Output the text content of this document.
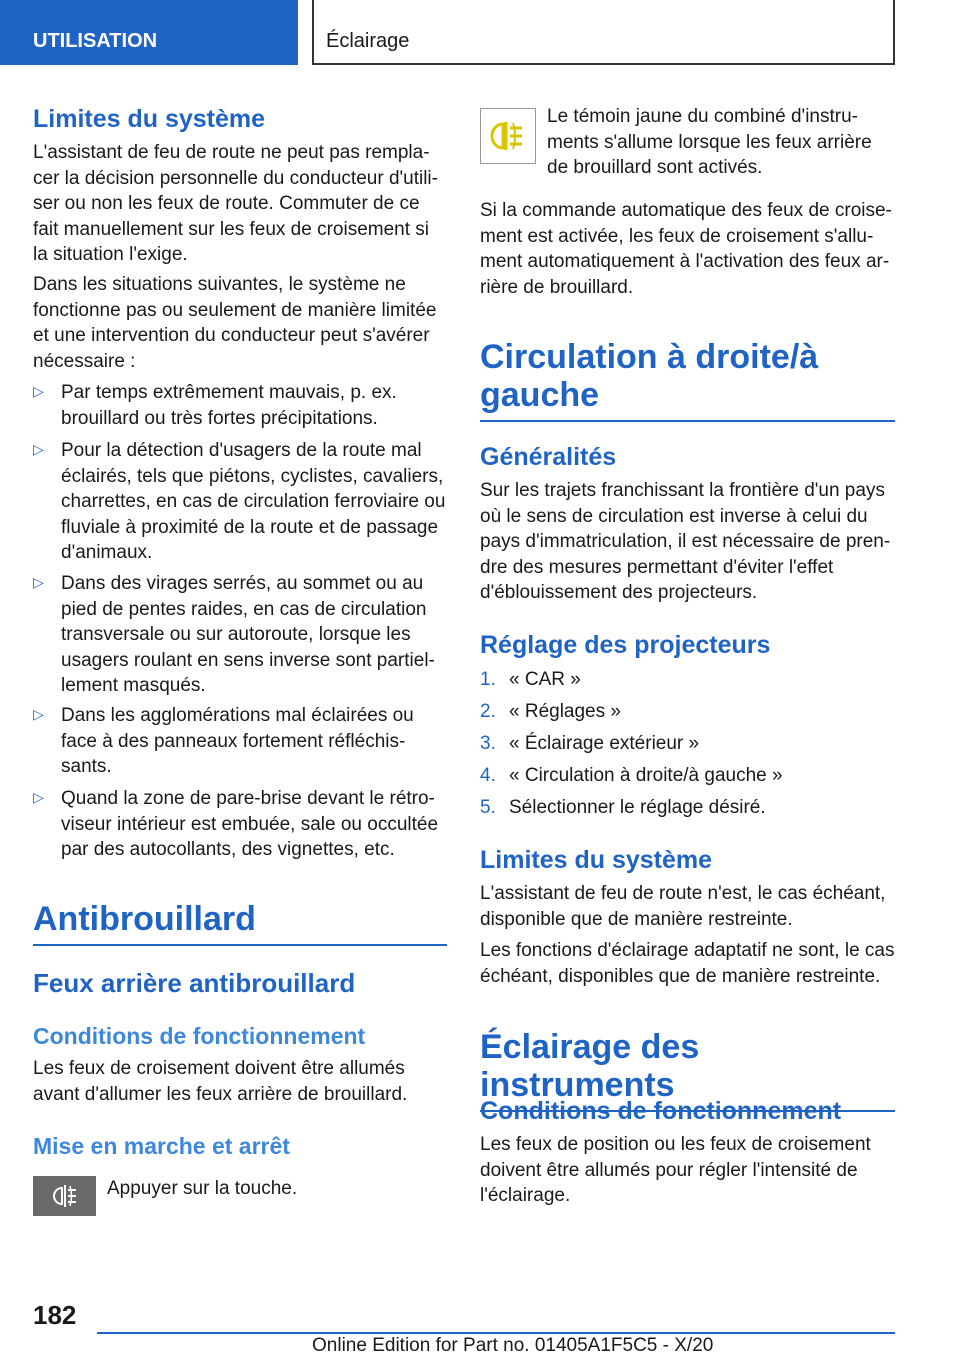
UTILISATION	Éclairage
Limites du système

L'assistant de feu de route ne peut pas rempla-cer la décision personnelle du conducteur d'utili-ser ou non les feux de route. Commuter de ce fait manuellement sur les feux de croisement si la situation l'exige.

Dans les situations suivantes, le système ne fonctionne pas ou seulement de manière limitée et une intervention du conducteur peut s'avérer nécessaire :

▷ Par temps extrêmement mauvais, p. ex. brouillard ou très fortes précipitations.

▷ Pour la détection d'usagers de la route mal éclairés, tels que piétons, cyclistes, cavaliers, charrettes, en cas de circulation ferroviaire ou fluviale à proximité de la route et de passage d'animaux.

▷ Dans des virages serrés, au sommet ou au pied de pentes raides, en cas de circulation transversale ou sur autoroute, lorsque les usagers roulant en sens inverse sont partiel-lement masqués.

▷ Dans les agglomérations mal éclairées ou face à des panneaux fortement réfléchis-sants.

▷ Quand la zone de pare-brise devant le rétro-viseur intérieur est embuée, sale ou occultée par des autocollants, des vignettes, etc.

Antibrouillard
Feux arrière antibrouillard
Conditions de fonctionnement

Les feux de croisement doivent être allumés avant d'allumer les feux arrière de brouillard.

Mise en marche et arrêt

Appuyer sur la touche.

Le témoin jaune du combiné d'instru-ments s'allume lorsque les feux arrière de brouillard sont activés.

Si la commande automatique des feux de croise-ment est activée, les feux de croisement s'allu-ment automatiquement à l'activation des feux ar-rière de brouillard.

Circulation à droite/à gauche
Généralités

Sur les trajets franchissant la frontière d'un pays où le sens de circulation est inverse à celui du pays d'immatriculation, il est nécessaire de pren-dre des mesures permettant d'éviter l'effet d'éblouissement des projecteurs.

Réglage des projecteurs
1. « CAR »
2. « Réglages »
3. « Éclairage extérieur »
4. « Circulation à droite/à gauche »
5. Sélectionner le réglage désiré.
Limites du système

L'assistant de feu de route n'est, le cas échéant, disponible que de manière restreinte.

Les fonctions d'éclairage adaptatif ne sont, le cas échéant, disponibles que de manière restreinte.

Éclairage des instruments
Conditions de fonctionnement

Les feux de position ou les feux de croisement doivent être allumés pour régler l'intensité de l'éclairage.

182
Online Edition for Part no. 01405A1F5C5 - X/20
